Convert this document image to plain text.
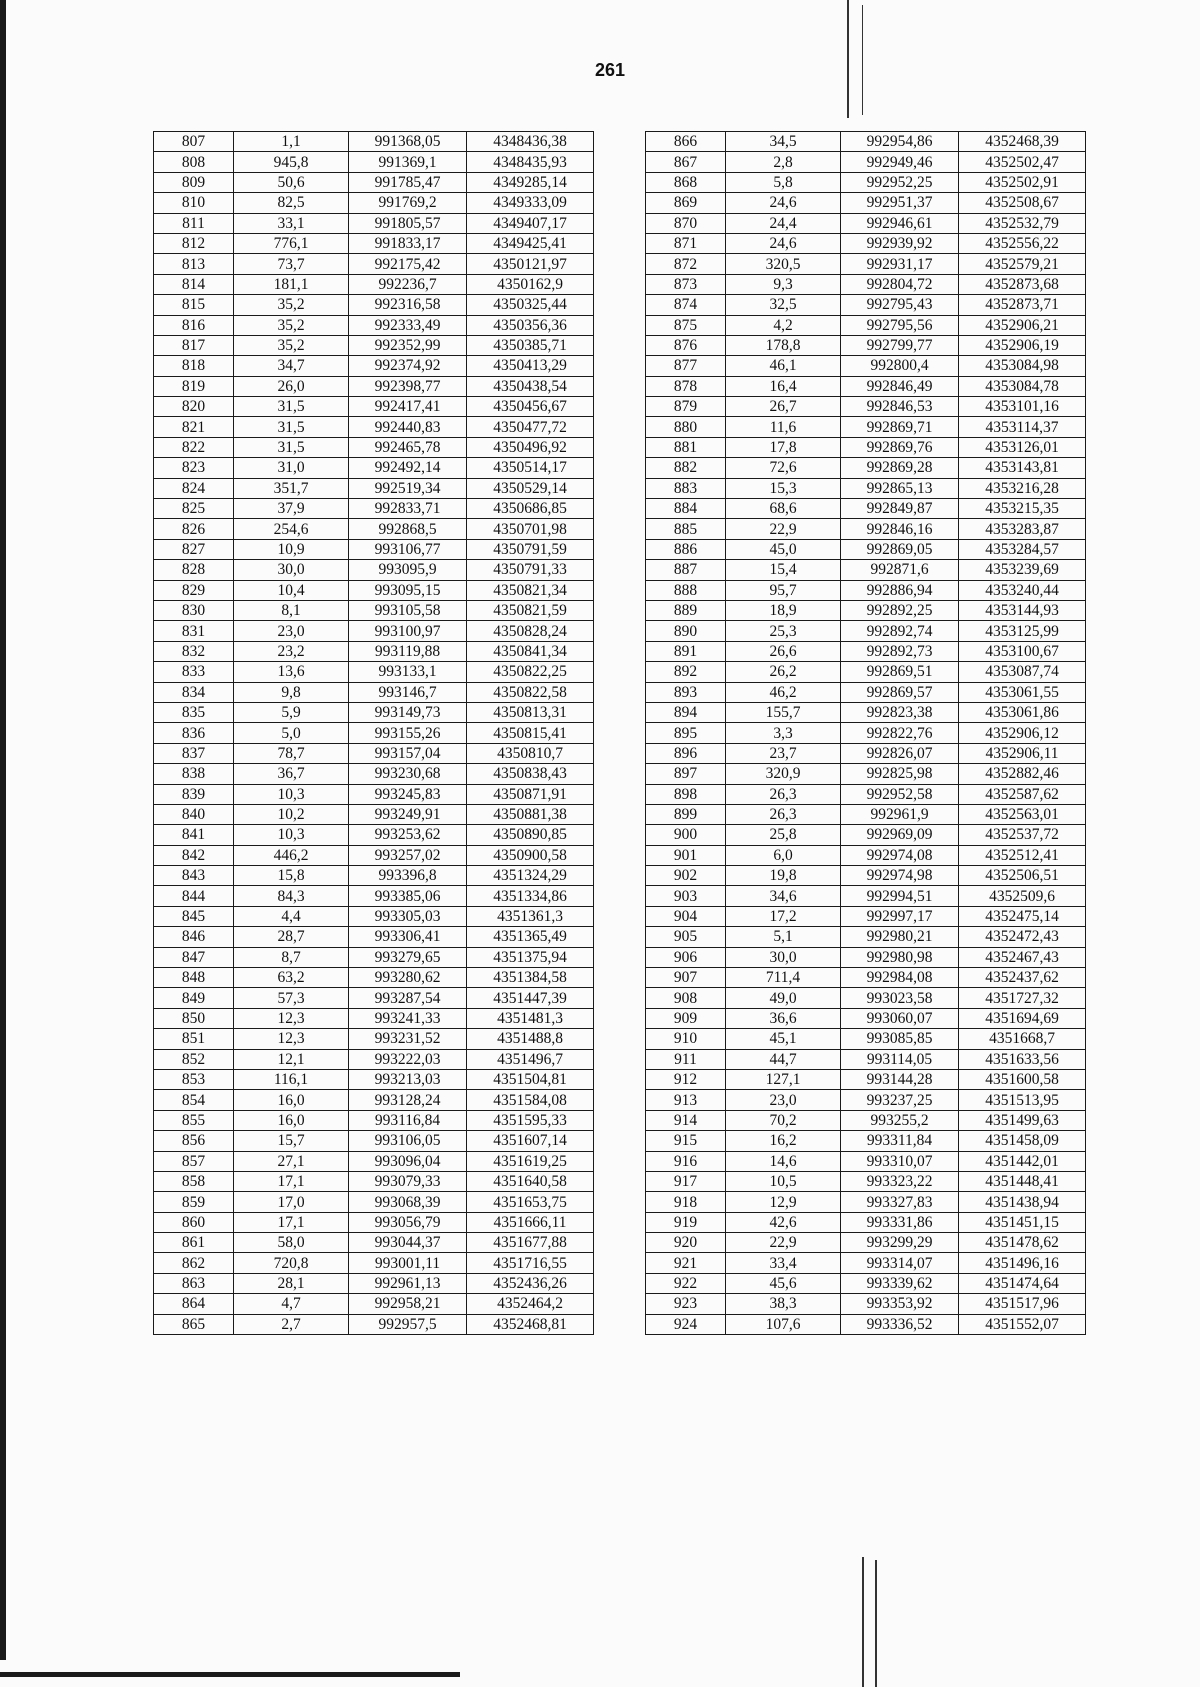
261
807	1,1	991368,05	4348436,38
808	945,8	991369,1	4348435,93
809	50,6	991785,47	4349285,14
810	82,5	991769,2	4349333,09
811	33,1	991805,57	4349407,17
812	776,1	991833,17	4349425,41
813	73,7	992175,42	4350121,97
814	181,1	992236,7	4350162,9
815	35,2	992316,58	4350325,44
816	35,2	992333,49	4350356,36
817	35,2	992352,99	4350385,71
818	34,7	992374,92	4350413,29
819	26,0	992398,77	4350438,54
820	31,5	992417,41	4350456,67
821	31,5	992440,83	4350477,72
822	31,5	992465,78	4350496,92
823	31,0	992492,14	4350514,17
824	351,7	992519,34	4350529,14
825	37,9	992833,71	4350686,85
826	254,6	992868,5	4350701,98
827	10,9	993106,77	4350791,59
828	30,0	993095,9	4350791,33
829	10,4	993095,15	4350821,34
830	8,1	993105,58	4350821,59
831	23,0	993100,97	4350828,24
832	23,2	993119,88	4350841,34
833	13,6	993133,1	4350822,25
834	9,8	993146,7	4350822,58
835	5,9	993149,73	4350813,31
836	5,0	993155,26	4350815,41
837	78,7	993157,04	4350810,7
838	36,7	993230,68	4350838,43
839	10,3	993245,83	4350871,91
840	10,2	993249,91	4350881,38
841	10,3	993253,62	4350890,85
842	446,2	993257,02	4350900,58
843	15,8	993396,8	4351324,29
844	84,3	993385,06	4351334,86
845	4,4	993305,03	4351361,3
846	28,7	993306,41	4351365,49
847	8,7	993279,65	4351375,94
848	63,2	993280,62	4351384,58
849	57,3	993287,54	4351447,39
850	12,3	993241,33	4351481,3
851	12,3	993231,52	4351488,8
852	12,1	993222,03	4351496,7
853	116,1	993213,03	4351504,81
854	16,0	993128,24	4351584,08
855	16,0	993116,84	4351595,33
856	15,7	993106,05	4351607,14
857	27,1	993096,04	4351619,25
858	17,1	993079,33	4351640,58
859	17,0	993068,39	4351653,75
860	17,1	993056,79	4351666,11
861	58,0	993044,37	4351677,88
862	720,8	993001,11	4351716,55
863	28,1	992961,13	4352436,26
864	4,7	992958,21	4352464,2
865	2,7	992957,5	4352468,81
866	34,5	992954,86	4352468,39
867	2,8	992949,46	4352502,47
868	5,8	992952,25	4352502,91
869	24,6	992951,37	4352508,67
870	24,4	992946,61	4352532,79
871	24,6	992939,92	4352556,22
872	320,5	992931,17	4352579,21
873	9,3	992804,72	4352873,68
874	32,5	992795,43	4352873,71
875	4,2	992795,56	4352906,21
876	178,8	992799,77	4352906,19
877	46,1	992800,4	4353084,98
878	16,4	992846,49	4353084,78
879	26,7	992846,53	4353101,16
880	11,6	992869,71	4353114,37
881	17,8	992869,76	4353126,01
882	72,6	992869,28	4353143,81
883	15,3	992865,13	4353216,28
884	68,6	992849,87	4353215,35
885	22,9	992846,16	4353283,87
886	45,0	992869,05	4353284,57
887	15,4	992871,6	4353239,69
888	95,7	992886,94	4353240,44
889	18,9	992892,25	4353144,93
890	25,3	992892,74	4353125,99
891	26,6	992892,73	4353100,67
892	26,2	992869,51	4353087,74
893	46,2	992869,57	4353061,55
894	155,7	992823,38	4353061,86
895	3,3	992822,76	4352906,12
896	23,7	992826,07	4352906,11
897	320,9	992825,98	4352882,46
898	26,3	992952,58	4352587,62
899	26,3	992961,9	4352563,01
900	25,8	992969,09	4352537,72
901	6,0	992974,08	4352512,41
902	19,8	992974,98	4352506,51
903	34,6	992994,51	4352509,6
904	17,2	992997,17	4352475,14
905	5,1	992980,21	4352472,43
906	30,0	992980,98	4352467,43
907	711,4	992984,08	4352437,62
908	49,0	993023,58	4351727,32
909	36,6	993060,07	4351694,69
910	45,1	993085,85	4351668,7
911	44,7	993114,05	4351633,56
912	127,1	993144,28	4351600,58
913	23,0	993237,25	4351513,95
914	70,2	993255,2	4351499,63
915	16,2	993311,84	4351458,09
916	14,6	993310,07	4351442,01
917	10,5	993323,22	4351448,41
918	12,9	993327,83	4351438,94
919	42,6	993331,86	4351451,15
920	22,9	993299,29	4351478,62
921	33,4	993314,07	4351496,16
922	45,6	993339,62	4351474,64
923	38,3	993353,92	4351517,96
924	107,6	993336,52	4351552,07
